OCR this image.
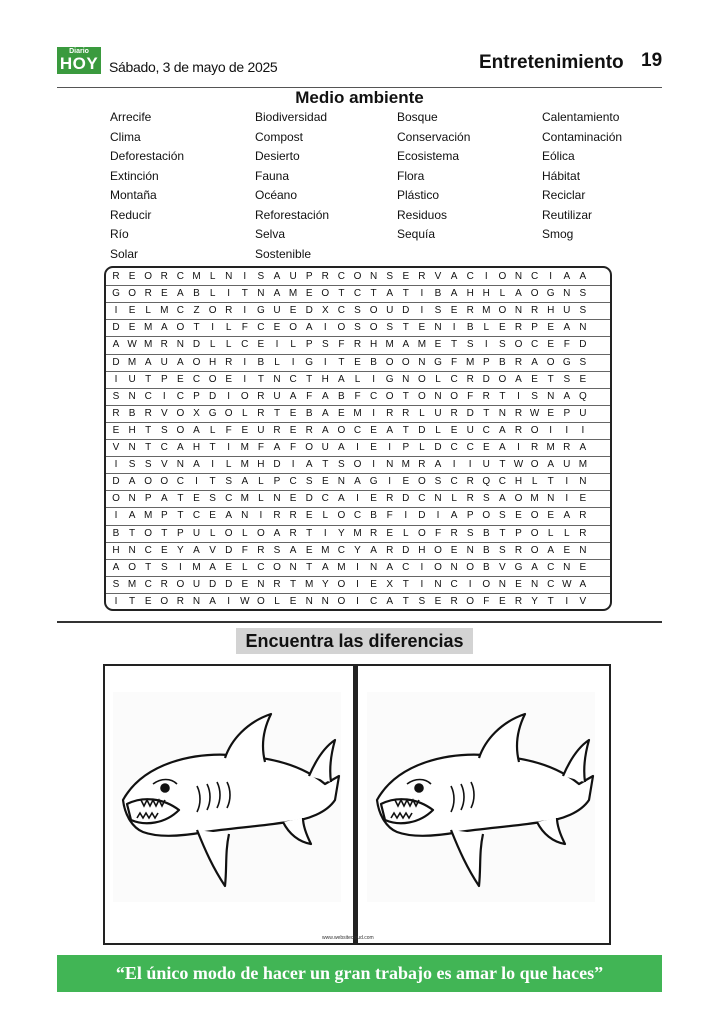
Diario
HOY Sábado, 3 de mayo de 2025	Entretenimiento 19
Medio ambiente
Arrecife	Biodiversidad	Bosque	Calentamiento
Clima	Compost	Conservación	Contaminación
Deforestación	Desierto	Ecosistema	Eólica
Extinción	Fauna	Flora	Hábitat
Montaña	Océano	Plástico	Reciclar
Reducir	Reforestación	Residuos	Reutilizar
Río	Selva	Sequía	Smog
Solar	Sostenible
R E O R C M L N	I	S A U P R C O N S E R V A C	I	O N C	I	A A
G O R E A B L	I	T N A M E O T C T A T	I	B A H H L A O G N S
I	E L M C Z O R	I	G U E D X C S O U D	I	S E R M O N R H U S
D E M A O T	I	L	F C E O A	I	O S O S T E N	I	B	L E R P E A N
A W M R N D L	L C E	I	L P S F R H M A M E T S	I	S O C E F D
D M A U A O H R	I	B	L	I	G	I	T E B O O N G F M P B R A O G S
I	U T P E C O E	I	T N C T H A	L	I	G N O L C R D O A E T S E
S N C	I	C P D	I	O R U A F A B F C O T O N O F R T	I	S N A Q
R B R V O X G O L R T E B A E M	I	R R L U R D T N R W E P U
E H T S O A L	F E U R E R A O C E A T D L E U C A R O	I	I	I
V N T C A H T	I	M F A F O U A	I	E	I	P L D C C E A	I	R M R A
I	S S V N A	I	L M H D	I	A T S O	I	N M R A	I	I	U T W O A U M
D A O O C	I	T S A L P C S E N A G	I	E O S C R Q C H L	T	I	N
O N P A T E S C M L N E D C A	I	E R D C N L R S A O M N	I	E
I	A M P T C E A N	I	R R E	L O C B F	I	D	I	A P O S E O E A R
B T O T P U L O L O A R T	I	Y M R E	L O F R S B T P O L	L R
H N C E Y A V D F R S A E M C Y A R D H O E N B S R O A E N
A O T S	I	M A E	L C O N T A M	I	N A C	I	O N O B V G A C N E
S M C R O U D D E N R T M Y O	I	E X T	I	N C	I	O N E N C W A
I	T E O R N A	I W O L E N N O	I	C A T S E R O F E R Y T	I	V
Encuentra las diferencias
www.websitecloud.com
“El único modo de hacer un gran trabajo es amar lo que haces”
